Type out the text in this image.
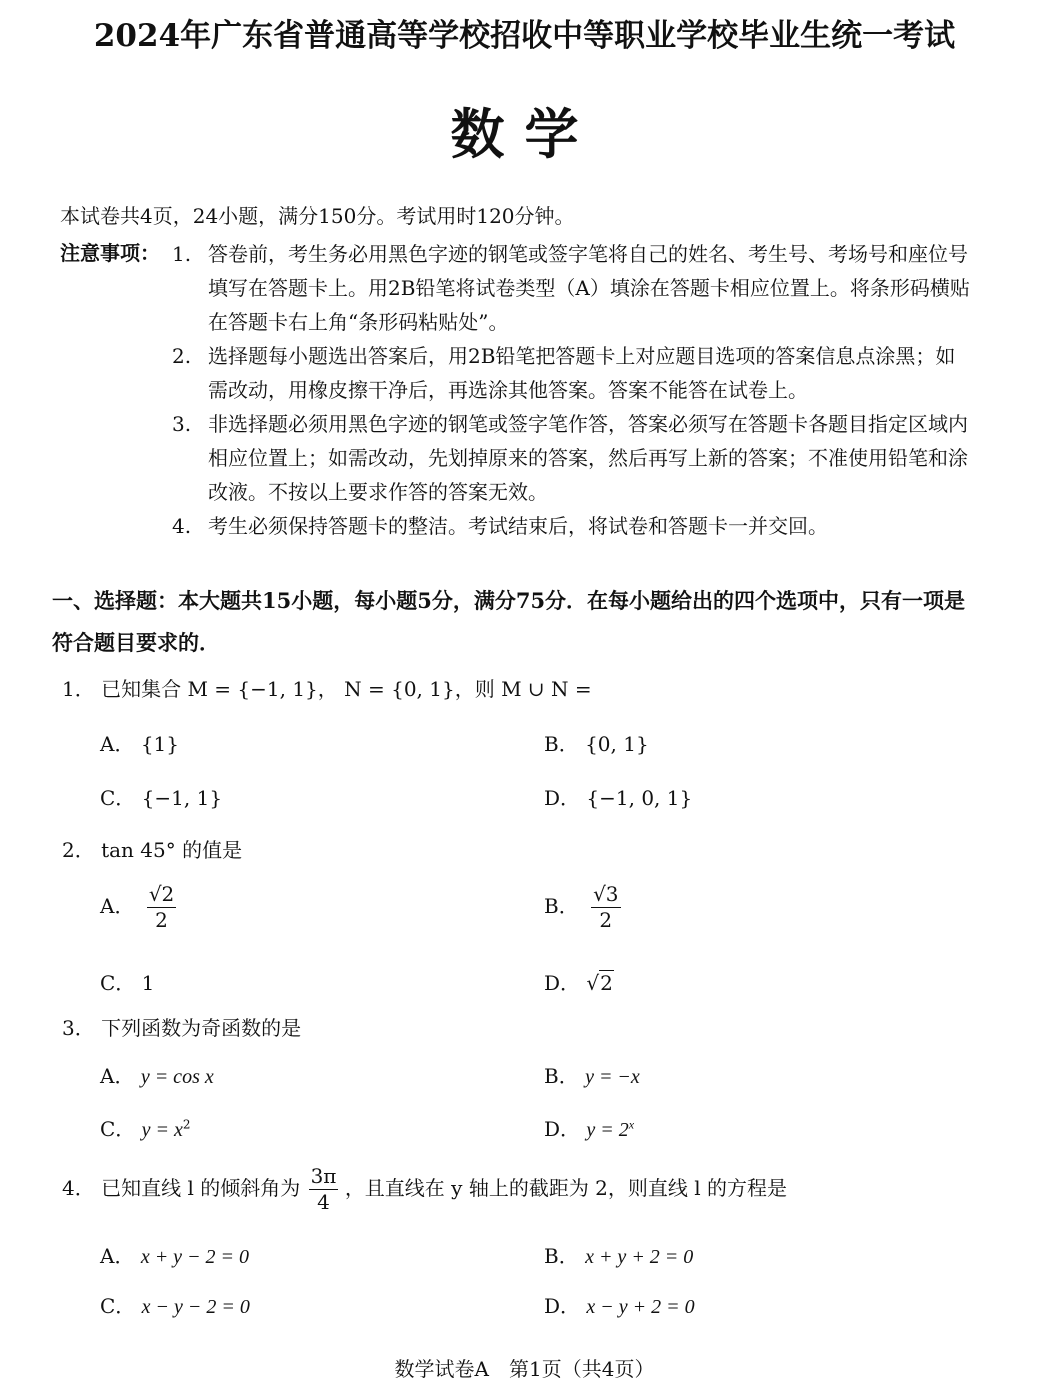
2024年广东省普通高等学校招收中等职业学校毕业生统一考试
数学
本试卷共4页，24小题，满分150分。考试用时120分钟。
注意事项： 1. 答卷前，考生务必用黑色字迹的钢笔或签字笔将自己的姓名、考生号、考场号和座位号填写在答题卡上。用2B铅笔将试卷类型（A）填涂在答题卡相应位置上。将条形码横贴在答题卡右上角“条形码粘贴处”。
2. 选择题每小题选出答案后，用2B铅笔把答题卡上对应题目选项的答案信息点涂黑；如需改动，用橡皮擦干净后，再选涂其他答案。答案不能答在试卷上。
3. 非选择题必须用黑色字迹的钢笔或签字笔作答，答案必须写在答题卡各题目指定区域内相应位置上；如需改动，先划掉原来的答案，然后再写上新的答案；不准使用铅笔和涂改液。不按以上要求作答的答案无效。
4. 考生必须保持答题卡的整洁。考试结束后，将试卷和答题卡一并交回。
一、选择题：本大题共15小题，每小题5分，满分75分．在每小题给出的四个选项中，只有一项是符合题目要求的．
1． 已知集合 M = {−1, 1}， N = {0, 1}，则 M ∪ N =
A． {1}	B． {0, 1}
C． {−1, 1}	D． {−1, 0, 1}
2． tan 45° 的值是
A． $\frac{√2}{2}$	B． $\frac{√3}{2}$
C． 1	D． √2
3． 下列函数为奇函数的是
A． y = cos x	B． y = −x
C． $y = x^2$	D． $y = 2^x$
4． 已知直线 l 的倾斜角为 $\frac{3\pi}{4}$ ，且直线在 y 轴上的截距为 2，则直线 l 的方程是
A． x + y − 2 = 0	B． x + y + 2 = 0
C． x − y − 2 = 0	D． x − y + 2 = 0
数学试卷A　第1页（共4页）
